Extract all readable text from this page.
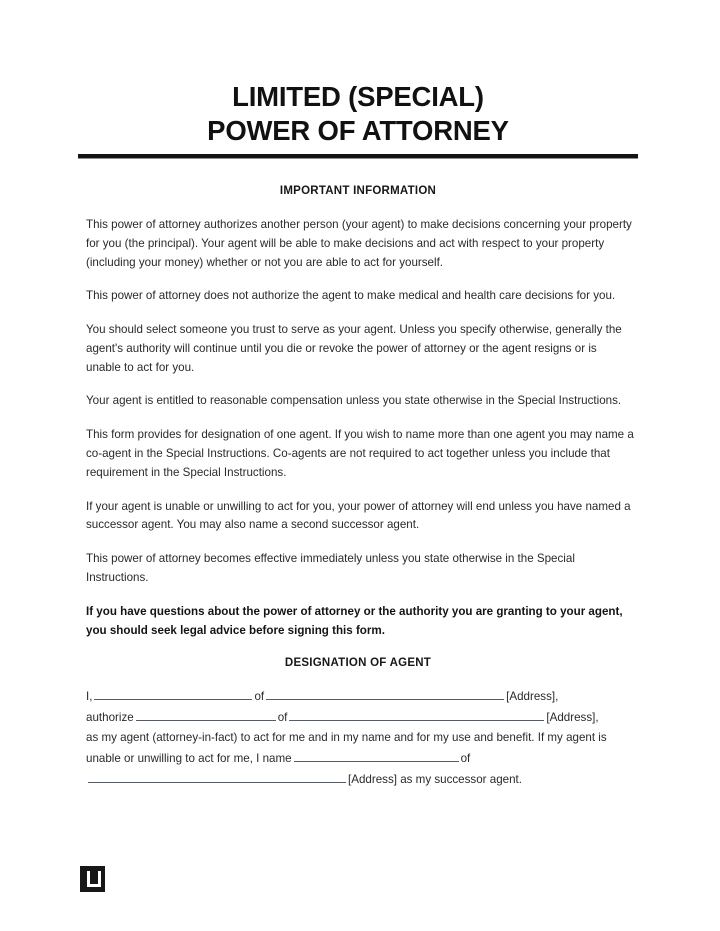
LIMITED (SPECIAL)
POWER OF ATTORNEY
IMPORTANT INFORMATION

This power of attorney authorizes another person (your agent) to make decisions concerning your property for you (the principal). Your agent will be able to make decisions and act with respect to your property (including your money) whether or not you are able to act for yourself.

This power of attorney does not authorize the agent to make medical and health care decisions for you.

You should select someone you trust to serve as your agent. Unless you specify otherwise, generally the agent's authority will continue until you die or revoke the power of attorney or the agent resigns or is unable to act for you.

Your agent is entitled to reasonable compensation unless you state otherwise in the Special Instructions.

This form provides for designation of one agent. If you wish to name more than one agent you may name a co-agent in the Special Instructions. Co-agents are not required to act together unless you include that requirement in the Special Instructions.

If your agent is unable or unwilling to act for you, your power of attorney will end unless you have named a successor agent. You may also name a second successor agent.

This power of attorney becomes effective immediately unless you state otherwise in the Special Instructions.

If you have questions about the power of attorney or the authority you are granting to your agent, you should seek legal advice before signing this form.

DESIGNATION OF AGENT
I,	of	[Address],
authorize	of	[Address],
as my agent (attorney-in-fact) to act for me and in my name and for my use and benefit. If my agent is
unable or unwilling to act for me, I name	of
[Address] as my successor agent.
